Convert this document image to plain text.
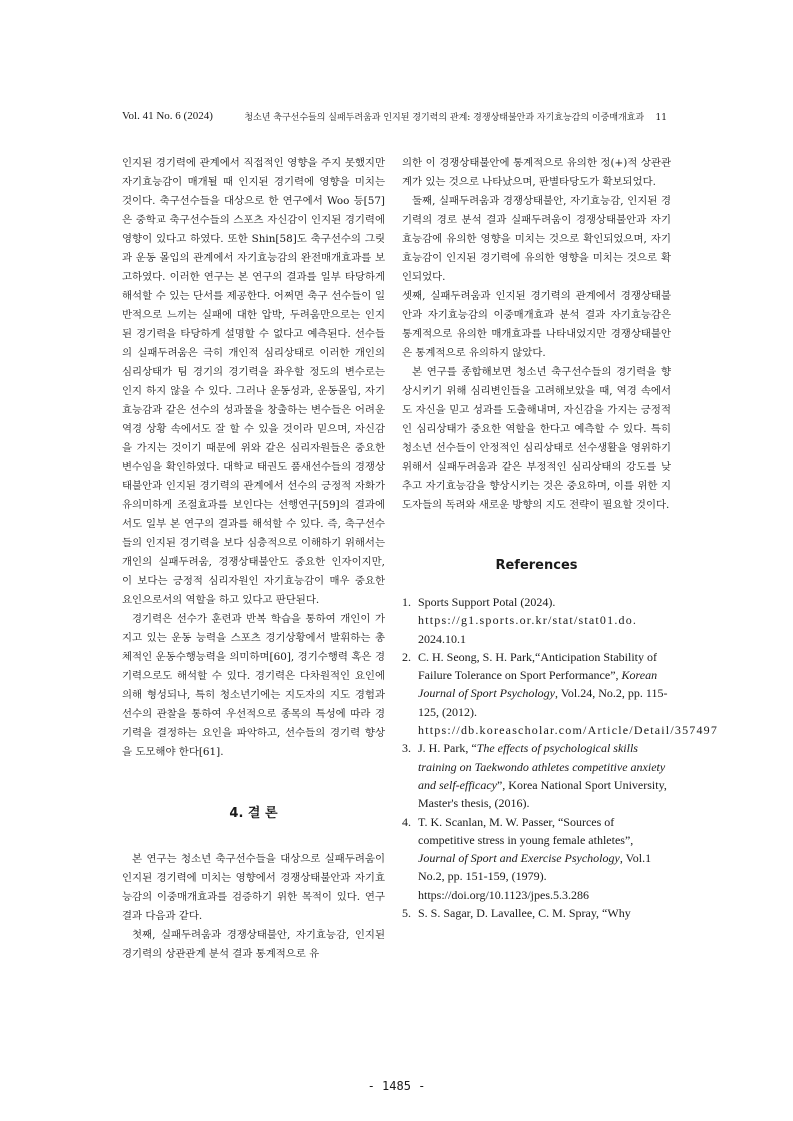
Vol. 41 No. 6 (2024)	청소년 축구선수들의 실패두려움과 인지된 경기력의 관계: 경쟁상태불안과 자기효능감의 이중매개효과 11

인지된 경기력에 관계에서 직접적인 영향을 주지 못했지만 자기효능감이 매개될 때 인지된 경기력에 영향을 미치는 것이다. 축구선수들을 대상으로 한 연구에서 Woo 등[57]은 중학교 축구선수들의 스포츠 자신감이 인지된 경기력에 영향이 있다고 하였다. 또한 Shin[58]도 축구선수의 그릿과 운동 몰입의 관계에서 자기효능감의 완전매개효과를 보고하였다. 이러한 연구는 본 연구의 결과를 일부 타당하게 해석할 수 있는 단서를 제공한다. 어쩌면 축구 선수들이 일반적으로 느끼는 실패에 대한 압박, 두려움만으로는 인지된 경기력을 타당하게 설명할 수 없다고 예측된다. 선수들의 실패두려움은 극히 개인적 심리상태로 이러한 개인의 심리상태가 팀 경기의 경기력을 좌우할 정도의 변수로는 인지 하지 않을 수 있다. 그러나 운동성과, 운동몰입, 자기효능감과 같은 선수의 성과물을 창출하는 변수들은 어려운 역경 상황 속에서도 잘 할 수 있을 것이라 믿으며, 자신감을 가지는 것이기 때문에 위와 같은 심리자원들은 중요한 변수임을 확인하였다. 대학교 태권도 품새선수들의 경쟁상태불안과 인지된 경기력의 관계에서 선수의 긍정적 자화가 유의미하게 조절효과를 보인다는 선행연구[59]의 결과에서도 일부 본 연구의 결과를 해석할 수 있다. 즉, 축구선수들의 인지된 경기력을 보다 심층적으로 이해하기 위해서는 개인의 실패두려움, 경쟁상태불안도 중요한 인자이지만, 이 보다는 긍정적 심리자원인 자기효능감이 매우 중요한 요인으로서의 역할을 하고 있다고 판단된다.

경기력은 선수가 훈련과 반복 학습을 통하여 개인이 가지고 있는 운동 능력을 스포츠 경기상황에서 발휘하는 총체적인 운동수행능력을 의미하며[60], 경기수행력 혹은 경기력으로도 해석할 수 있다. 경기력은 다차원적인 요인에 의해 형성되나, 특히 청소년기에는 지도자의 지도 경험과 선수의 관찰을 통하여 우선적으로 종목의 특성에 따라 경기력을 결정하는 요인을 파악하고, 선수들의 경기력 향상을 도모해야 한다[61].

4. 결 론

본 연구는 청소년 축구선수들을 대상으로 실패두려움이 인지된 경기력에 미치는 영향에서 경쟁상태불안과 자기효능감의 이중매개효과를 검증하기 위한 목적이 있다. 연구 결과 다음과 같다.

첫째, 실패두려움과 경쟁상태불안, 자기효능감, 인지된 경기력의 상관관계 분석 결과 통계적으로 유

의한 이 경쟁상태불안에 통계적으로 유의한 정(+)적 상관관계가 있는 것으로 나타났으며, 판별타당도가 확보되었다.

둘째, 실패두려움과 경쟁상태불안, 자기효능감, 인지된 경기력의 경로 분석 결과 실패두려움이 경쟁상태불안과 자기효능감에 유의한 영향을 미치는 것으로 확인되었으며, 자기효능감이 인지된 경기력에 유의한 영향을 미치는 것으로 확인되었다.

셋째, 실패두려움과 인지된 경기력의 관계에서 경쟁상태불안과 자기효능감의 이중매개효과 분석 결과 자기효능감은 통계적으로 유의한 매개효과를 나타내었지만 경쟁상태불안은 통계적으로 유의하지 않았다.

본 연구를 종합해보면 청소년 축구선수들의 경기력을 향상시키기 위해 심리변인들을 고려해보았을 때, 역경 속에서도 자신을 믿고 성과를 도출해내며, 자신감을 가지는 긍정적인 심리상태가 중요한 역할을 한다고 예측할 수 있다. 특히 청소년 선수들이 안정적인 심리상태로 선수생활을 영위하기 위해서 실패두려움과 같은 부정적인 심리상태의 강도를 낮추고 자기효능감을 향상시키는 것은 중요하며, 이를 위한 지도자들의 독려와 새로운 방향의 지도 전략이 필요할 것이다.

References

1. Sports Support Potal (2024).
https://g1.sports.or.kr/stat/stat01.do.
2024.10.1
2. C. H. Seong, S. H. Park,“Anticipation Stability of Failure Tolerance on Sport Performance”, Korean Journal of Sport Psychology, Vol.24, No.2, pp. 115-125, (2012). https://db.koreascholar.com/Article/Detail/357497
3. J. H. Park, “The effects of psychological skills training on Taekwondo athletes competitive anxiety and self-efficacy”, Korea National Sport University, Master's thesis, (2016).
4. T. K. Scanlan, M. W. Passer, “Sources of competitive stress in young female athletes”, Journal of Sport and Exercise Psychology, Vol.1 No.2, pp. 151-159, (1979). https://doi.org/10.1123/jpes.5.3.286
5. S. S. Sagar, D. Lavallee, C. M. Spray, “Why
- 1485 -
